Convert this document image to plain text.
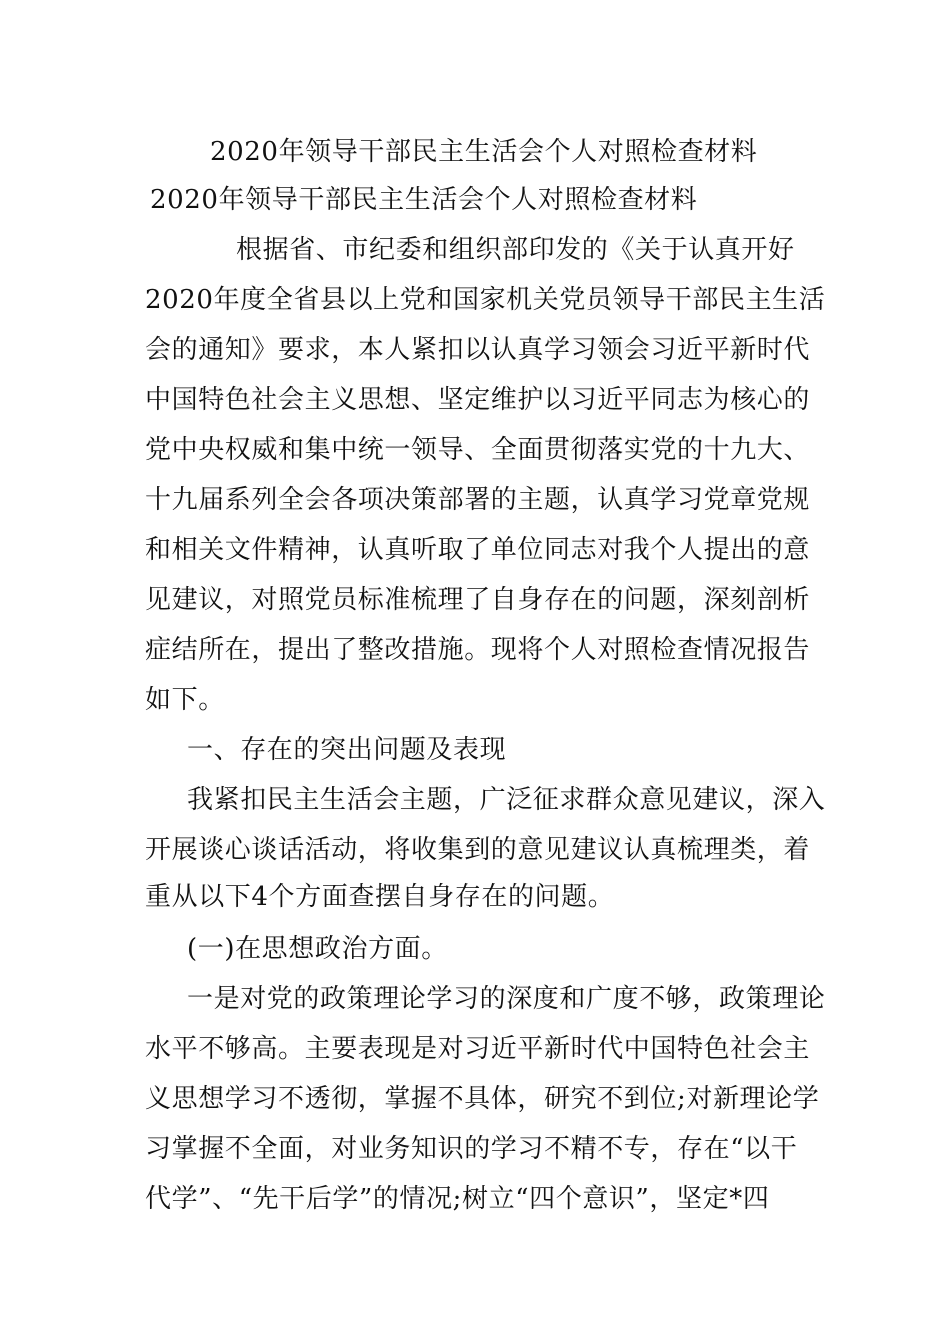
2020年领导干部民主生活会个人对照检查材料
2020年领导干部民主生活会个人对照检查材料
根据省、市纪委和组织部印发的《关于认真开好
2020年度全省县以上党和国家机关党员领导干部民主生活
会的通知》要求，本人紧扣以认真学习领会习近平新时代
中国特色社会主义思想、坚定维护以习近平同志为核心的
党中央权威和集中统一领导、全面贯彻落实党的十九大、
十九届系列全会各项决策部署的主题，认真学习党章党规
和相关文件精神，认真听取了单位同志对我个人提出的意
见建议，对照党员标准梳理了自身存在的问题，深刻剖析
症结所在，提出了整改措施。现将个人对照检查情况报告
如下。
一、存在的突出问题及表现
我紧扣民主生活会主题，广泛征求群众意见建议，深入
开展谈心谈话活动，将收集到的意见建议认真梳理类，着
重从以下4个方面查摆自身存在的问题。
(一)在思想政治方面。
一是对党的政策理论学习的深度和广度不够，政策理论
水平不够高。主要表现是对习近平新时代中国特色社会主
义思想学习不透彻，掌握不具体，研究不到位;对新理论学
习掌握不全面，对业务知识的学习不精不专，存在“以干
代学”、“先干后学”的情况;树立“四个意识”，坚定*四
